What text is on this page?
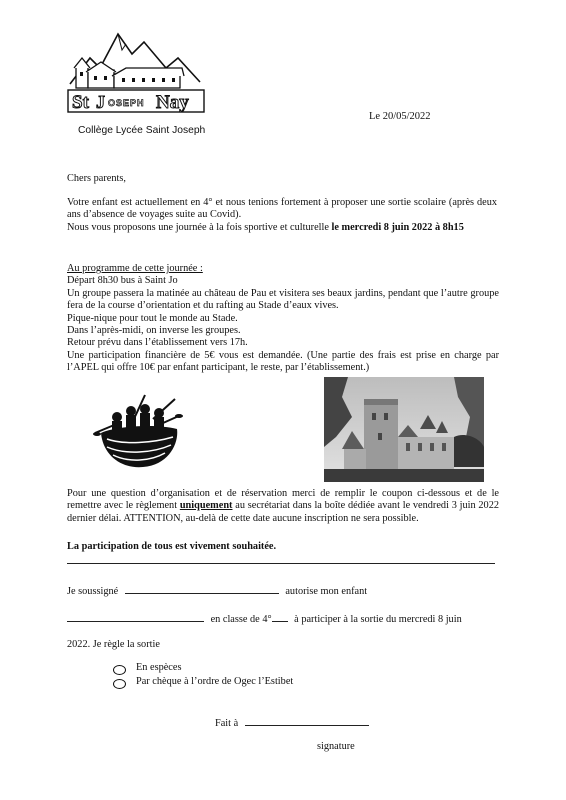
St J OSEPH Nay
Collège Lycée Saint Joseph
Le 20/05/2022
Chers parents,
Votre enfant est actuellement en 4° et nous tenions fortement à proposer une sortie scolaire (après deux ans d’absence de voyages suite au Covid).
Nous vous proposons une journée à la fois sportive et culturelle le mercredi 8 juin 2022 à 8h15
Au programme de cette journée :
Départ 8h30 bus à Saint Jo
Un groupe passera la matinée au château de Pau et visitera ses beaux jardins, pendant que l’autre groupe fera de la course d’orientation et du rafting au Stade d’eaux vives.
Pique-nique pour tout le monde au Stade.
Dans l’après-midi, on inverse les groupes.
Retour prévu dans l’établissement vers 17h.
Une participation financière de 5€ vous est demandée. (Une partie des frais est prise en charge par l’APEL qui offre 10€ par enfant participant, le reste, par l’établissement.)
Pour une question d’organisation et de réservation merci de remplir le coupon ci-dessous et de le remettre avec le règlement uniquement au secrétariat dans la boîte dédiée avant le vendredi 3 juin 2022 dernier délai. ATTENTION, au-delà de cette date aucune inscription ne sera possible.
La participation de tous est vivement souhaitée.
Je soussigné	autorise mon enfant
en classe de 4° à participer à la sortie du mercredi 8 juin
2022. Je règle la sortie
En espèces
Par chèque à l’ordre de Ogec l’Estibet
Fait à
signature
